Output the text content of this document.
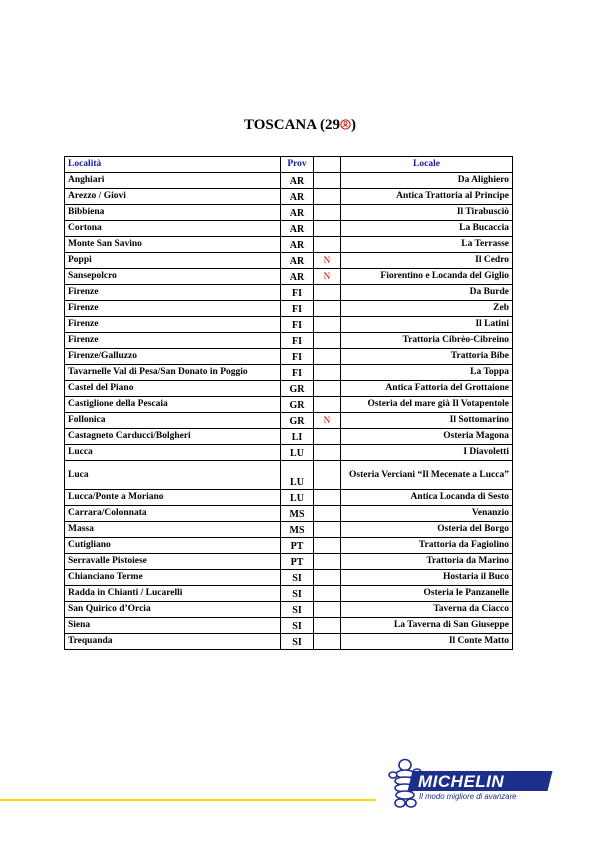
TOSCANA (29 )
Località	Prov		Locale
Anghiari	AR		Da Alighiero
Arezzo / Giovi	AR		Antica Trattoria al Principe
Bibbiena	AR		Il Tirabusciò
Cortona	AR		La Bucaccia
Monte San Savino	AR		La Terrasse
Poppi	AR	N	Il Cedro
Sansepolcro	AR	N	Fiorentino e Locanda del Giglio
Firenze	FI		Da Burde
Firenze	FI		Zeb
Firenze	FI		Il Latini
Firenze	FI		Trattoria Cibrèo-Cibreino
Firenze/Galluzzo	FI		Trattoria Bibe
Tavarnelle Val di Pesa/San Donato in Poggio	FI		La Toppa
Castel del Piano	GR		Antica Fattoria del Grottaione
Castiglione della Pescaia	GR		Osteria del mare già Il Votapentole
Follonica	GR	N	Il Sottomarino
Castagneto Carducci/Bolgheri	LI		Osteria Magona
Lucca	LU		I Diavoletti
Luca	LU		Osteria Verciani “Il Mecenate a Lucca”
Lucca/Ponte a Moriano	LU		Antica Locanda di Sesto
Carrara/Colonnata	MS		Venanzio
Massa	MS		Osteria del Borgo
Cutigliano	PT		Trattoria da Fagiolino
Serravalle Pistoiese	PT		Trattoria da Marino
Chianciano Terme	SI		Hostaria il Buco
Radda in Chianti / Lucarelli	SI		Osteria le Panzanelle
San Quirico d’Orcia	SI		Taverna da Ciacco
Siena	SI		La Taverna di San Giuseppe
Trequanda	SI		Il Conte Matto
MICHELIN
Il modo migliore di avanzare
